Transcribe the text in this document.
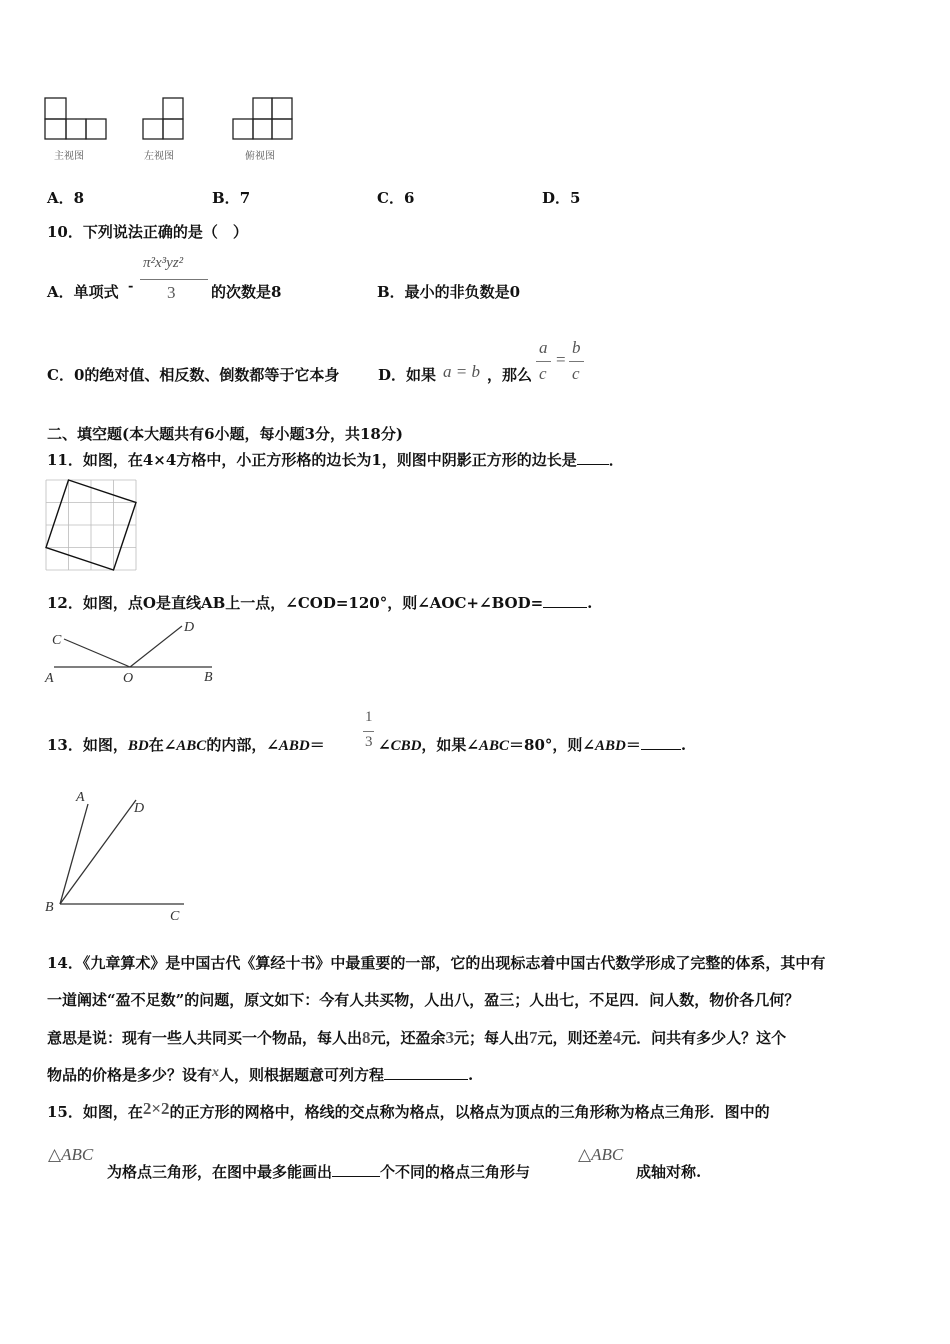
主视图	左视图	俯视图
A．8	B．7	C．6	D．5
10．下列说法正确的是（　）
A．单项式 -
π²x³yz²
3 的次数是8	B．最小的非负数是0
C．0的绝对值、相反数、倒数都等于它本身	D．如果 a = b ，那么
a
c
=
b
c
二、填空题(本大题共有6小题，每小题3分，共18分)
11．如图，在4×4方格中，小正方形格的边长为1，则图中阴影正方形的边长是 ．
12．如图，点O是直线AB上一点，∠COD=120°，则∠AOC+∠BOD=	.
A	O	B
C
D
13．如图，BD在∠ABC的内部，∠ABD＝
1
3 ∠CBD，如果∠ABC＝80°，则∠ABD＝	.
A
D
B
C
14．《九章算术》是中国古代《算经十书》中最重要的一部，它的出现标志着中国古代数学形成了完整的体系，其中有
一道阐述“盈不足数”的问题，原文如下：今有人共买物，人出八，盈三；人出七，不足四．问人数，物价各几何？
意思是说：现有一些人共同买一个物品，每人出8元，还盈余3元；每人出7元，则还差4元．问共有多少人？这个
物品的价格是多少？设有x人，则根据题意可列方程	.
15．如图，在2×2的正方形的网格中，格线的交点称为格点，以格点为顶点的三角形称为格点三角形．图中的
△ABC
为格点三角形，在图中最多能画出	个不同的格点三角形与
△ABC
成轴对称.
